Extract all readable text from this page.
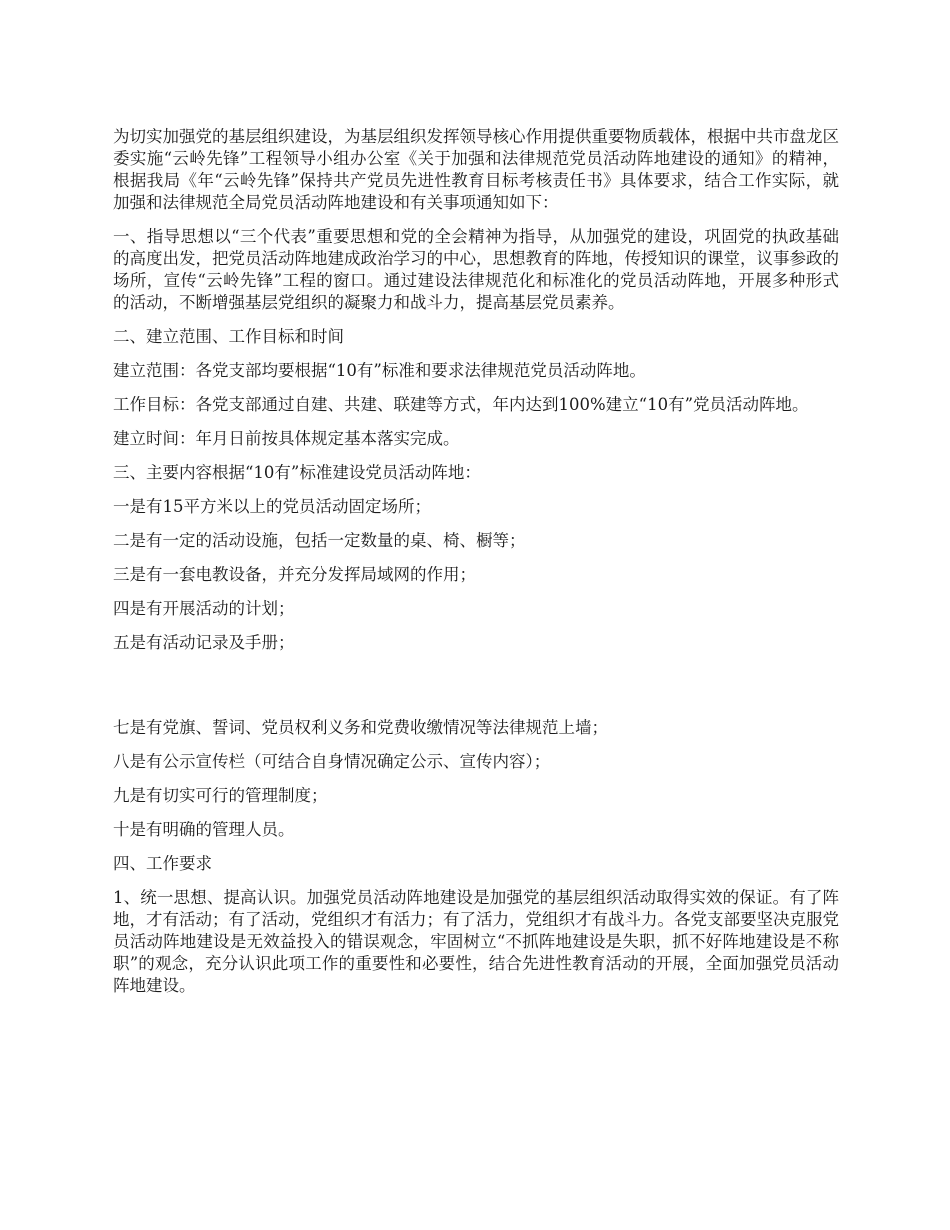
为切实加强党的基层组织建设，为基层组织发挥领导核心作用提供重要物质载体，根据中共市盘龙区委实施“云岭先锋”工程领导小组办公室《关于加强和法律规范党员活动阵地建设的通知》的精神，根据我局《年“云岭先锋”保持共产党员先进性教育目标考核责任书》具体要求，结合工作实际，就加强和法律规范全局党员活动阵地建设和有关事项通知如下：

一、指导思想以“三个代表”重要思想和党的全会精神为指导，从加强党的建设，巩固党的执政基础的高度出发，把党员活动阵地建成政治学习的中心，思想教育的阵地，传授知识的课堂，议事参政的场所，宣传“云岭先锋”工程的窗口。通过建设法律规范化和标准化的党员活动阵地，开展多种形式的活动，不断增强基层党组织的凝聚力和战斗力，提高基层党员素养。

二、建立范围、工作目标和时间

建立范围：各党支部均要根据“10有”标准和要求法律规范党员活动阵地。

工作目标：各党支部通过自建、共建、联建等方式，年内达到100%建立“10有”党员活动阵地。

建立时间：年月日前按具体规定基本落实完成。

三、主要内容根据“10有”标准建设党员活动阵地：

一是有15平方米以上的党员活动固定场所；

二是有一定的活动设施，包括一定数量的桌、椅、橱等；

三是有一套电教设备，并充分发挥局域网的作用；

四是有开展活动的计划；

五是有活动记录及手册；

七是有党旗、誓词、党员权利义务和党费收缴情况等法律规范上墙；

八是有公示宣传栏（可结合自身情况确定公示、宣传内容）；

九是有切实可行的管理制度；

十是有明确的管理人员。

四、工作要求

1、统一思想、提高认识。加强党员活动阵地建设是加强党的基层组织活动取得实效的保证。有了阵地，才有活动；有了活动，党组织才有活力；有了活力，党组织才有战斗力。各党支部要坚决克服党员活动阵地建设是无效益投入的错误观念，牢固树立“不抓阵地建设是失职，抓不好阵地建设是不称职”的观念，充分认识此项工作的重要性和必要性，结合先进性教育活动的开展，全面加强党员活动阵地建设。
